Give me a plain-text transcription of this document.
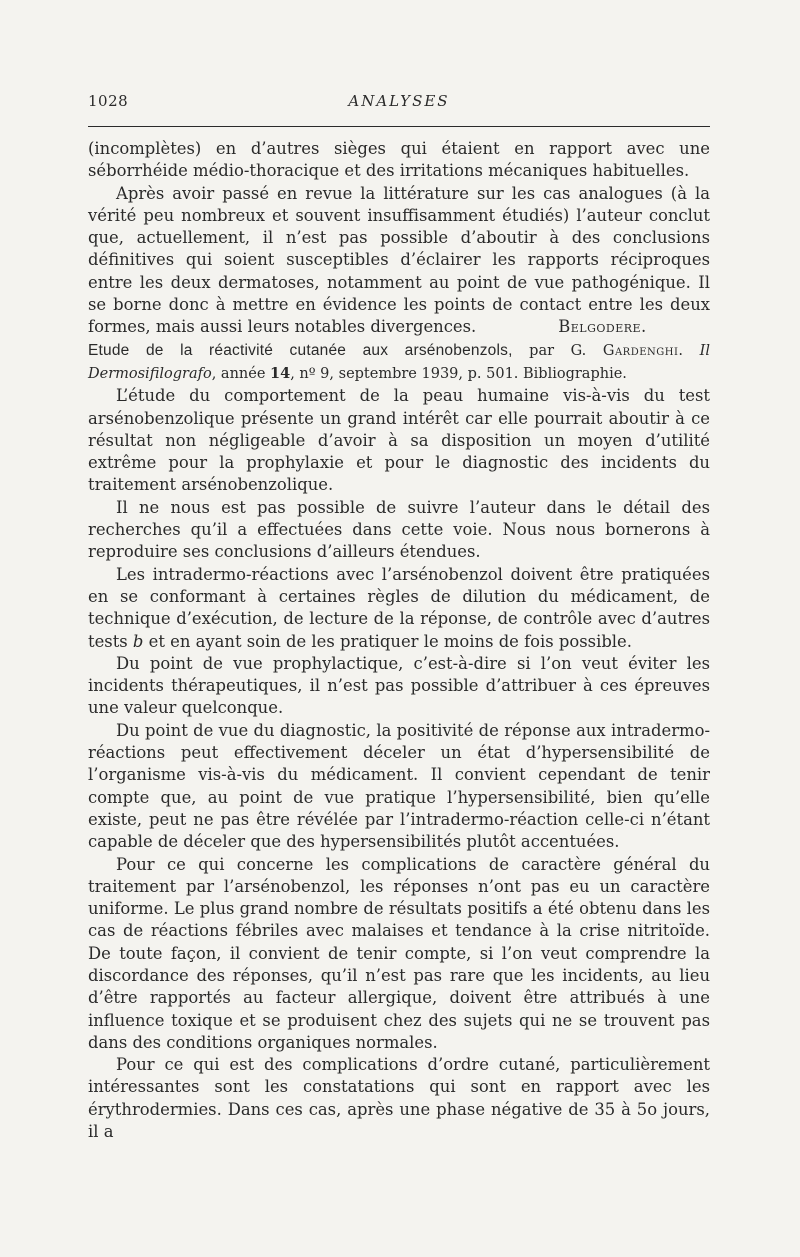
1028	ANALYSES

(incomplètes) en d’autres sièges qui étaient en rapport avec une séborrhéide médio-thoracique et des irritations mécaniques habituelles.

Après avoir passé en revue la littérature sur les cas analogues (à la vérité peu nombreux et souvent insuffisamment étudiés) l’auteur conclut que, actuellement, il n’est pas possible d’aboutir à des conclusions définitives qui soient susceptibles d’éclairer les rapports réciproques entre les deux dermatoses, notamment au point de vue pathogénique. Il se borne donc à mettre en évidence les points de contact entre les deux formes, mais aussi leurs notables divergences.	Belgodere.

Etude de la réactivité cutanée aux arsénobenzols, par G. Gardenghi. Il Dermosifilografo, année 14, nº 9, septembre 1939, p. 501. Bibliographie.

L’étude du comportement de la peau humaine vis-à-vis du test arsénobenzolique présente un grand intérêt car elle pourrait aboutir à ce résultat non négligeable d’avoir à sa disposition un moyen d’utilité extrême pour la prophylaxie et pour le diagnostic des incidents du traitement arsénobenzolique.

Il ne nous est pas possible de suivre l’auteur dans le détail des recherches qu’il a effectuées dans cette voie. Nous nous bornerons à reproduire ses conclusions d’ailleurs étendues.

Les intradermo-réactions avec l’arsénobenzol doivent être pratiquées en se conformant à certaines règles de dilution du médicament, de technique d’exécution, de lecture de la réponse, de contrôle avec d’autres tests b et en ayant soin de les pratiquer le moins de fois possible.

Du point de vue prophylactique, c’est-à-dire si l’on veut éviter les incidents thérapeutiques, il n’est pas possible d’attribuer à ces épreuves une valeur quelconque.

Du point de vue du diagnostic, la positivité de réponse aux intradermo-réactions peut effectivement déceler un état d’hypersensibilité de l’organisme vis-à-vis du médicament. Il convient cependant de tenir compte que, au point de vue pratique l’hypersensibilité, bien qu’elle existe, peut ne pas être révélée par l’intradermo-réaction celle-ci n’étant capable de déceler que des hypersensibilités plutôt accentuées.

Pour ce qui concerne les complications de caractère général du traitement par l’arsénobenzol, les réponses n’ont pas eu un caractère uniforme. Le plus grand nombre de résultats positifs a été obtenu dans les cas de réactions fébriles avec malaises et tendance à la crise nitritoïde. De toute façon, il convient de tenir compte, si l’on veut comprendre la discordance des réponses, qu’il n’est pas rare que les incidents, au lieu d’être rapportés au facteur allergique, doivent être attribués à une influence toxique et se produisent chez des sujets qui ne se trouvent pas dans des conditions organiques normales.

Pour ce qui est des complications d’ordre cutané, particulièrement intéressantes sont les constatations qui sont en rapport avec les érythrodermies. Dans ces cas, après une phase négative de 35 à 5o jours, il a
